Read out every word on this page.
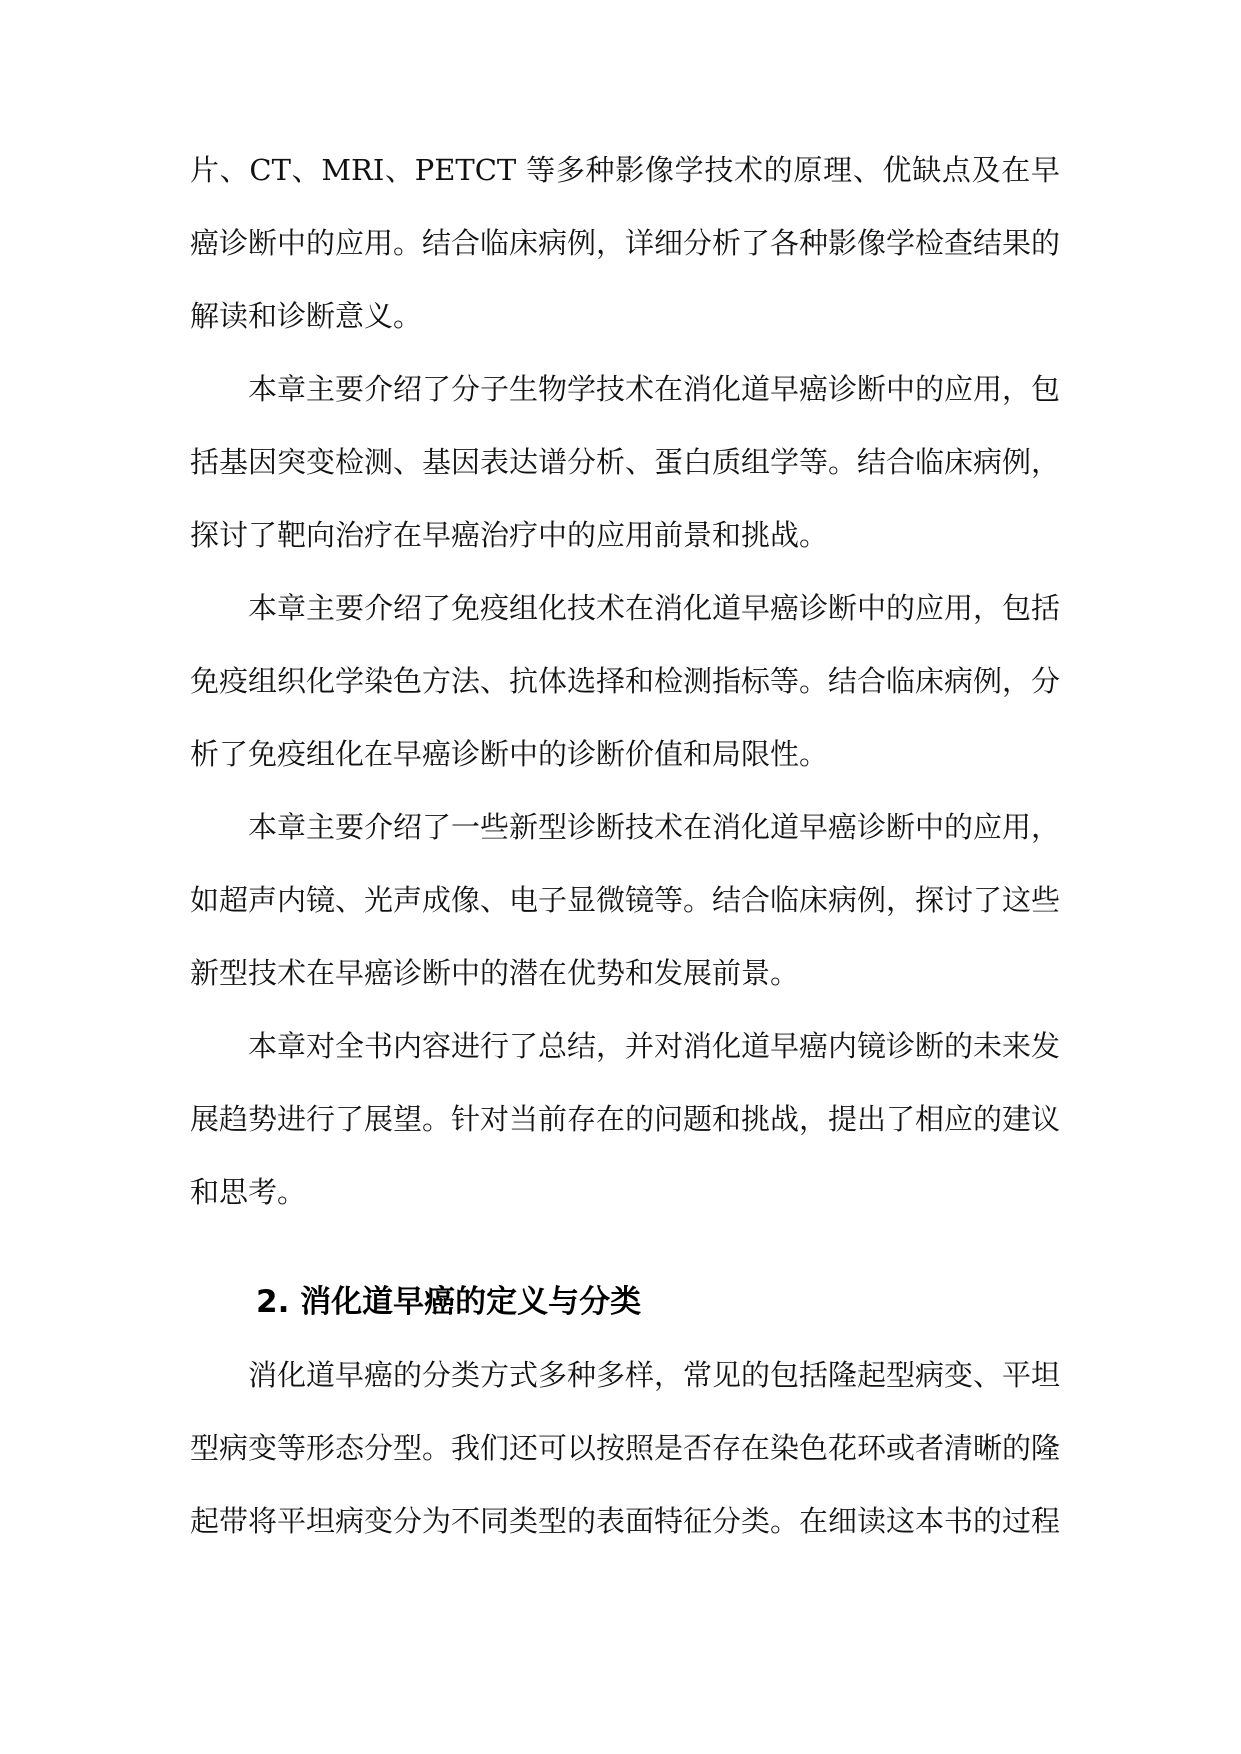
片、CT、MRI、PETCT 等多种影像学技术的原理、优缺点及在早癌诊断中的应用。结合临床病例，详细分析了各种影像学检查结果的解读和诊断意义。

本章主要介绍了分子生物学技术在消化道早癌诊断中的应用，包括基因突变检测、基因表达谱分析、蛋白质组学等。结合临床病例，探讨了靶向治疗在早癌治疗中的应用前景和挑战。

本章主要介绍了免疫组化技术在消化道早癌诊断中的应用，包括免疫组织化学染色方法、抗体选择和检测指标等。结合临床病例，分析了免疫组化在早癌诊断中的诊断价值和局限性。

本章主要介绍了一些新型诊断技术在消化道早癌诊断中的应用，如超声内镜、光声成像、电子显微镜等。结合临床病例，探讨了这些新型技术在早癌诊断中的潜在优势和发展前景。

本章对全书内容进行了总结，并对消化道早癌内镜诊断的未来发展趋势进行了展望。针对当前存在的问题和挑战，提出了相应的建议和思考。

2. 消化道早癌的定义与分类

消化道早癌的分类方式多种多样，常见的包括隆起型病变、平坦型病变等形态分型。我们还可以按照是否存在染色花环或者清晰的隆起带将平坦病变分为不同类型的表面特征分类。在细读这本书的过程
